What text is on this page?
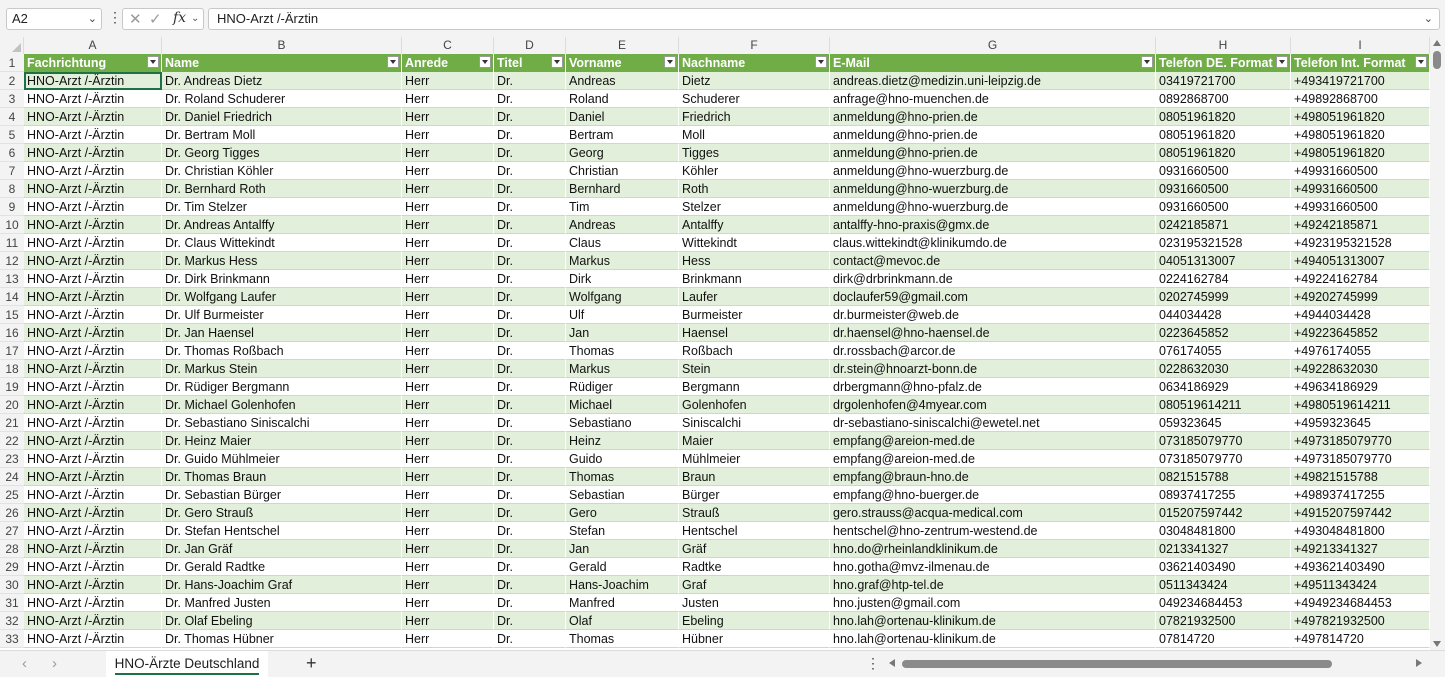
A2	⌄ ⋮ ✕ ✓ fx ⌄	HNO-Arzt /-Ärztin	⌄
A	B	C	D	E	F	G	H	I
1 Fachrichtung	Name	Anrede	Titel	Vorname	Nachname	E-Mail	Telefon DE. Format	Telefon Int. Format
2 HNO-Arzt /-Ärztin	Dr. Andreas Dietz	Herr	Dr.	Andreas	Dietz	andreas.dietz@medizin.uni-leipzig.de	03419721700	+493419721700
3 HNO-Arzt /-Ärztin	Dr. Roland Schuderer	Herr	Dr.	Roland	Schuderer	anfrage@hno-muenchen.de	0892868700	+49892868700
4 HNO-Arzt /-Ärztin	Dr. Daniel Friedrich	Herr	Dr.	Daniel	Friedrich	anmeldung@hno-prien.de	08051961820	+498051961820
5 HNO-Arzt /-Ärztin	Dr. Bertram Moll	Herr	Dr.	Bertram	Moll	anmeldung@hno-prien.de	08051961820	+498051961820
6 HNO-Arzt /-Ärztin	Dr. Georg Tigges	Herr	Dr.	Georg	Tigges	anmeldung@hno-prien.de	08051961820	+498051961820
7 HNO-Arzt /-Ärztin	Dr. Christian Köhler	Herr	Dr.	Christian	Köhler	anmeldung@hno-wuerzburg.de	0931660500	+49931660500
8 HNO-Arzt /-Ärztin	Dr. Bernhard Roth	Herr	Dr.	Bernhard	Roth	anmeldung@hno-wuerzburg.de	0931660500	+49931660500
9 HNO-Arzt /-Ärztin	Dr. Tim Stelzer	Herr	Dr.	Tim	Stelzer	anmeldung@hno-wuerzburg.de	0931660500	+49931660500
10 HNO-Arzt /-Ärztin	Dr. Andreas Antalffy	Herr	Dr.	Andreas	Antalffy	antalffy-hno-praxis@gmx.de	0242185871	+49242185871
11 HNO-Arzt /-Ärztin	Dr. Claus Wittekindt	Herr	Dr.	Claus	Wittekindt	claus.wittekindt@klinikumdo.de	023195321528	+4923195321528
12 HNO-Arzt /-Ärztin	Dr. Markus Hess	Herr	Dr.	Markus	Hess	contact@mevoc.de	04051313007	+494051313007
13 HNO-Arzt /-Ärztin	Dr. Dirk Brinkmann	Herr	Dr.	Dirk	Brinkmann	dirk@drbrinkmann.de	0224162784	+49224162784
14 HNO-Arzt /-Ärztin	Dr. Wolfgang Laufer	Herr	Dr.	Wolfgang	Laufer	doclaufer59@gmail.com	0202745999	+49202745999
15 HNO-Arzt /-Ärztin	Dr. Ulf Burmeister	Herr	Dr.	Ulf	Burmeister	dr.burmeister@web.de	044034428	+4944034428
16 HNO-Arzt /-Ärztin	Dr. Jan Haensel	Herr	Dr.	Jan	Haensel	dr.haensel@hno-haensel.de	0223645852	+49223645852
17 HNO-Arzt /-Ärztin	Dr. Thomas Roßbach	Herr	Dr.	Thomas	Roßbach	dr.rossbach@arcor.de	076174055	+4976174055
18 HNO-Arzt /-Ärztin	Dr. Markus Stein	Herr	Dr.	Markus	Stein	dr.stein@hnoarzt-bonn.de	0228632030	+49228632030
19 HNO-Arzt /-Ärztin	Dr. Rüdiger Bergmann	Herr	Dr.	Rüdiger	Bergmann	drbergmann@hno-pfalz.de	0634186929	+49634186929
20 HNO-Arzt /-Ärztin	Dr. Michael Golenhofen	Herr	Dr.	Michael	Golenhofen	drgolenhofen@4myear.com	080519614211	+4980519614211
21 HNO-Arzt /-Ärztin	Dr. Sebastiano Siniscalchi	Herr	Dr.	Sebastiano	Siniscalchi	dr-sebastiano-siniscalchi@ewetel.net	059323645	+4959323645
22 HNO-Arzt /-Ärztin	Dr. Heinz Maier	Herr	Dr.	Heinz	Maier	empfang@areion-med.de	073185079770	+4973185079770
23 HNO-Arzt /-Ärztin	Dr. Guido Mühlmeier	Herr	Dr.	Guido	Mühlmeier	empfang@areion-med.de	073185079770	+4973185079770
24 HNO-Arzt /-Ärztin	Dr. Thomas Braun	Herr	Dr.	Thomas	Braun	empfang@braun-hno.de	0821515788	+49821515788
25 HNO-Arzt /-Ärztin	Dr. Sebastian Bürger	Herr	Dr.	Sebastian	Bürger	empfang@hno-buerger.de	08937417255	+498937417255
26 HNO-Arzt /-Ärztin	Dr. Gero Strauß	Herr	Dr.	Gero	Strauß	gero.strauss@acqua-medical.com	015207597442	+4915207597442
27 HNO-Arzt /-Ärztin	Dr. Stefan Hentschel	Herr	Dr.	Stefan	Hentschel	hentschel@hno-zentrum-westend.de	03048481800	+493048481800
28 HNO-Arzt /-Ärztin	Dr. Jan Gräf	Herr	Dr.	Jan	Gräf	hno.do@rheinlandklinikum.de	0213341327	+49213341327
29 HNO-Arzt /-Ärztin	Dr. Gerald Radtke	Herr	Dr.	Gerald	Radtke	hno.gotha@mvz-ilmenau.de	03621403490	+493621403490
30 HNO-Arzt /-Ärztin	Dr. Hans-Joachim Graf	Herr	Dr.	Hans-Joachim	Graf	hno.graf@htp-tel.de	0511343424	+49511343424
31 HNO-Arzt /-Ärztin	Dr. Manfred Justen	Herr	Dr.	Manfred	Justen	hno.justen@gmail.com	049234684453	+4949234684453
32 HNO-Arzt /-Ärztin	Dr. Olaf Ebeling	Herr	Dr.	Olaf	Ebeling	hno.lah@ortenau-klinikum.de	07821932500	+497821932500
33 HNO-Arzt /-Ärztin	Dr. Thomas Hübner	Herr	Dr.	Thomas	Hübner	hno.lah@ortenau-klinikum.de	07814720	+497814720
‹ ›	HNO-Ärzte Deutschland	+	⋮
